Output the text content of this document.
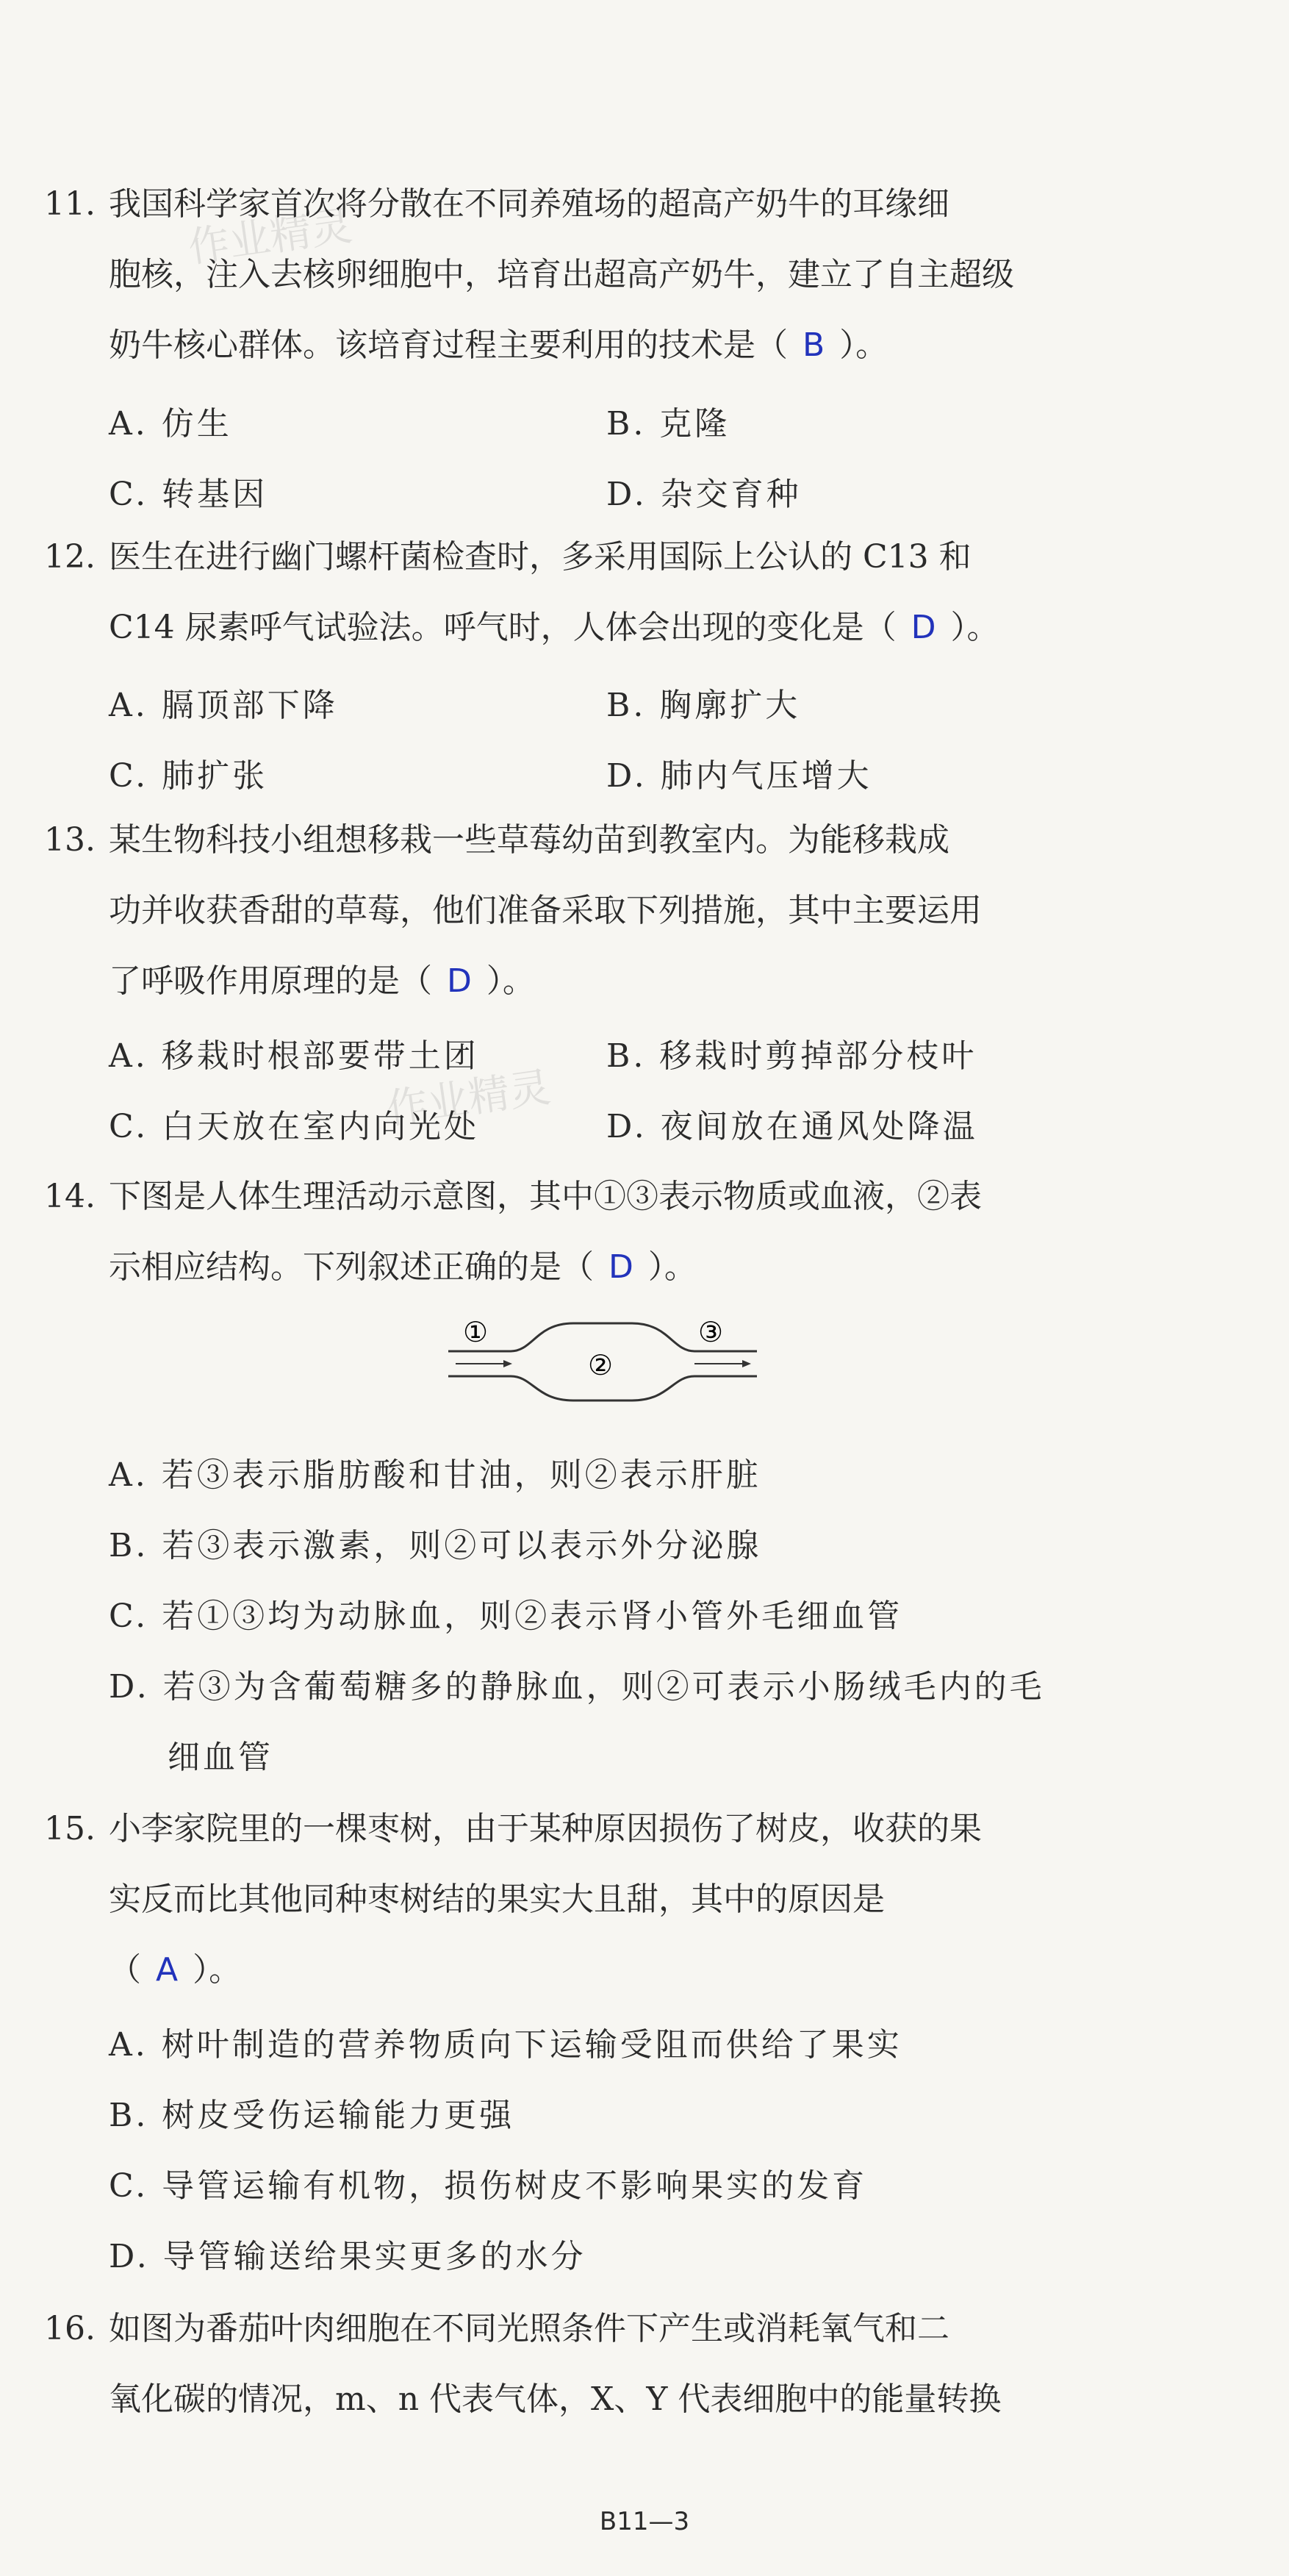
作业精灵
作业精灵
11. 我国科学家首次将分散在不同养殖场的超高产奶牛的耳缘细
胞核，注入去核卵细胞中，培育出超高产奶牛，建立了自主超级
奶牛核心群体。该培育过程主要利用的技术是（ B ）。
A. 仿生	B. 克隆
C. 转基因	D. 杂交育种
12. 医生在进行幽门螺杆菌检查时，多采用国际上公认的 C13 和
C14 尿素呼气试验法。呼气时，人体会出现的变化是（ D ）。
A. 膈顶部下降	B. 胸廓扩大
C. 肺扩张	D. 肺内气压增大
13. 某生物科技小组想移栽一些草莓幼苗到教室内。为能移栽成
功并收获香甜的草莓，他们准备采取下列措施，其中主要运用
了呼吸作用原理的是（ D ）。
A. 移栽时根部要带土团	B. 移栽时剪掉部分枝叶
C. 白天放在室内向光处	D. 夜间放在通风处降温
14. 下图是人体生理活动示意图，其中①③表示物质或血液，②表
示相应结构。下列叙述正确的是（ D ）。
①
②
③
A. 若③表示脂肪酸和甘油，则②表示肝脏
B. 若③表示激素，则②可以表示外分泌腺
C. 若①③均为动脉血，则②表示肾小管外毛细血管
D. 若③为含葡萄糖多的静脉血，则②可表示小肠绒毛内的毛
细血管
15. 小李家院里的一棵枣树，由于某种原因损伤了树皮，收获的果
实反而比其他同种枣树结的果实大且甜，其中的原因是
（ A ）。
A. 树叶制造的营养物质向下运输受阻而供给了果实
B. 树皮受伤运输能力更强
C. 导管运输有机物，损伤树皮不影响果实的发育
D. 导管输送给果实更多的水分
16. 如图为番茄叶肉细胞在不同光照条件下产生或消耗氧气和二
氧化碳的情况，m、n 代表气体，X、Y 代表细胞中的能量转换
B11—3
